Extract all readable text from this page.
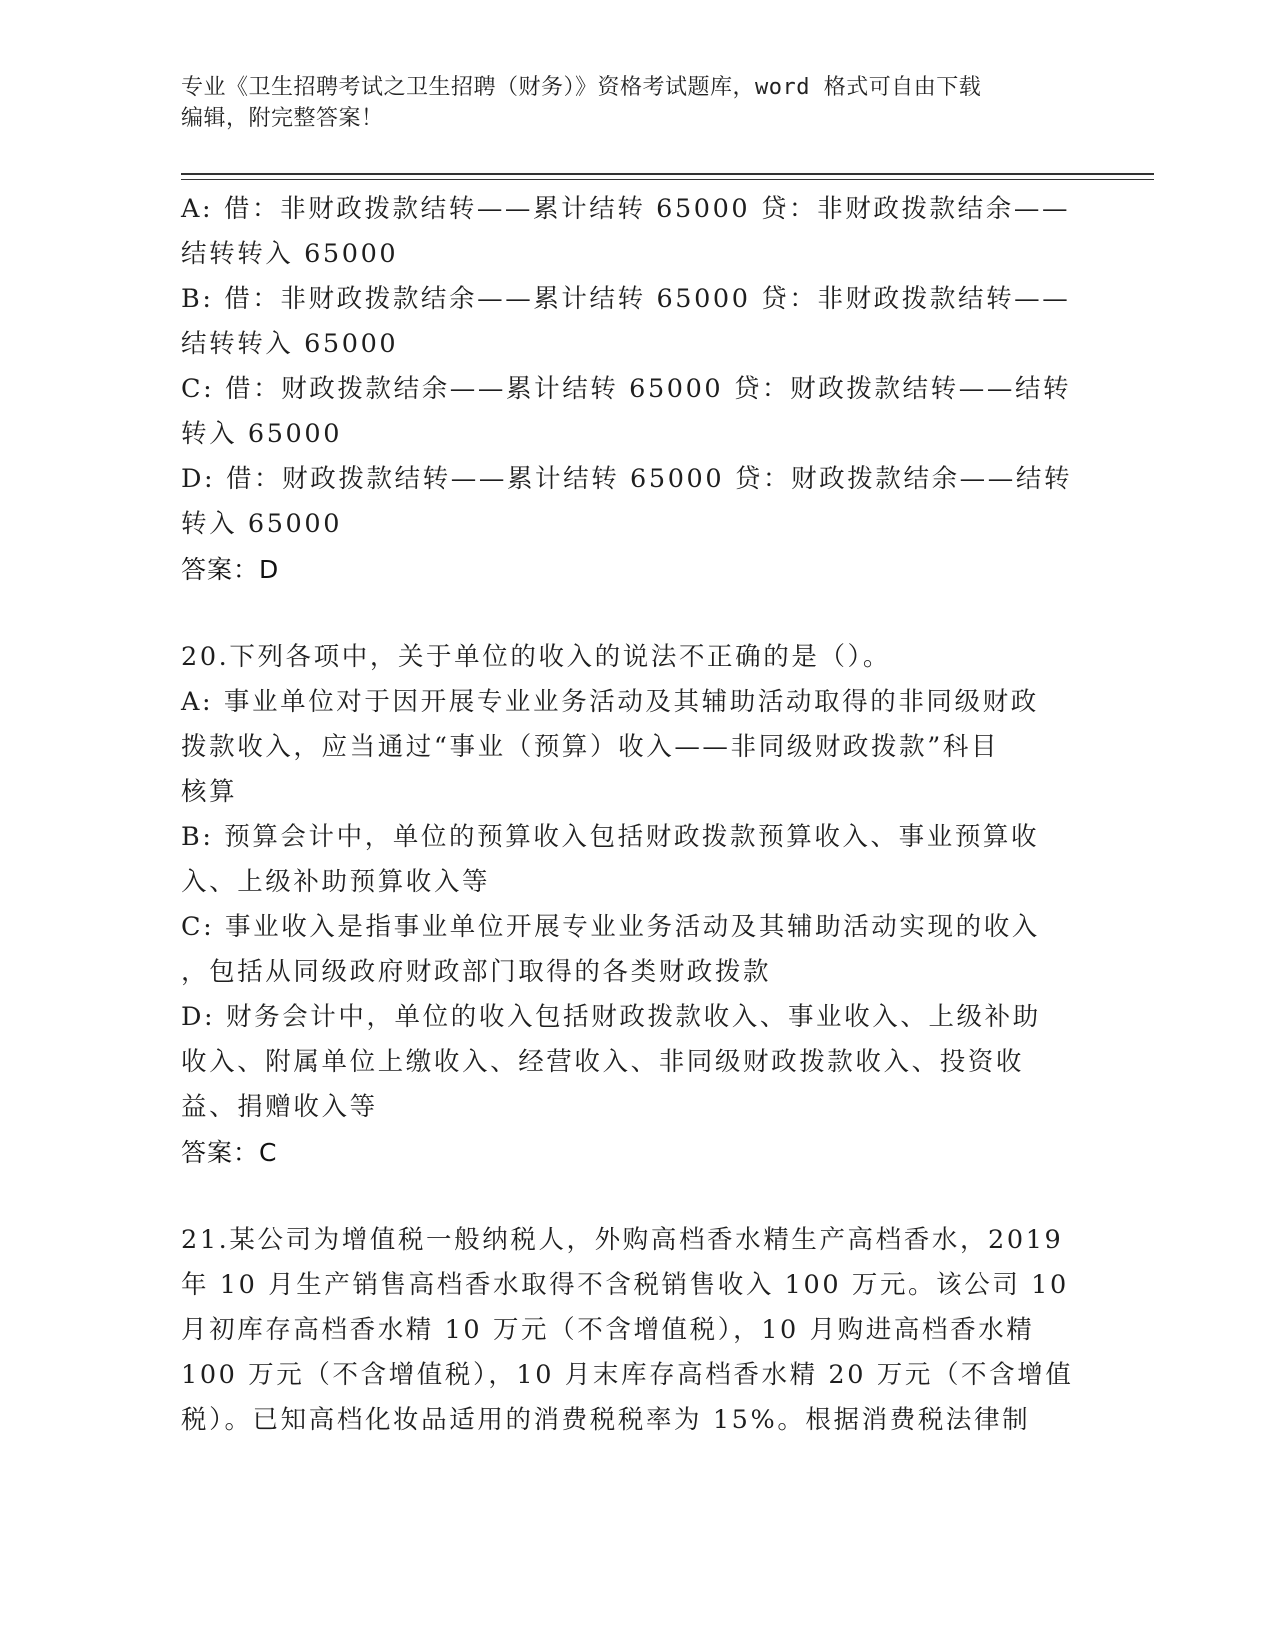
专业《卫生招聘考试之卫生招聘（财务）》资格考试题库，word 格式可自由下载
编辑，附完整答案！
A: 借：非财政拨款结转——累计结转 65000 贷：非财政拨款结余——
结转转入 65000
B: 借：非财政拨款结余——累计结转 65000 贷：非财政拨款结转——
结转转入 65000
C: 借：财政拨款结余——累计结转 65000 贷：财政拨款结转——结转
转入 65000
D: 借：财政拨款结转——累计结转 65000 贷：财政拨款结余——结转
转入 65000
答案：D
20.下列各项中，关于单位的收入的说法不正确的是（）。
A: 事业单位对于因开展专业业务活动及其辅助活动取得的非同级财政
拨款收入，应当通过“事业（预算）收入——非同级财政拨款”科目
核算
B: 预算会计中，单位的预算收入包括财政拨款预算收入、事业预算收
入、上级补助预算收入等
C: 事业收入是指事业单位开展专业业务活动及其辅助活动实现的收入
，包括从同级政府财政部门取得的各类财政拨款
D: 财务会计中，单位的收入包括财政拨款收入、事业收入、上级补助
收入、附属单位上缴收入、经营收入、非同级财政拨款收入、投资收
益、捐赠收入等
答案：C
21.某公司为增值税一般纳税人，外购高档香水精生产高档香水，2019
年 10 月生产销售高档香水取得不含税销售收入 100 万元。该公司 10
月初库存高档香水精 10 万元（不含增值税），10 月购进高档香水精
100 万元（不含增值税），10 月末库存高档香水精 20 万元（不含增值
税）。已知高档化妆品适用的消费税税率为 15%。根据消费税法律制
